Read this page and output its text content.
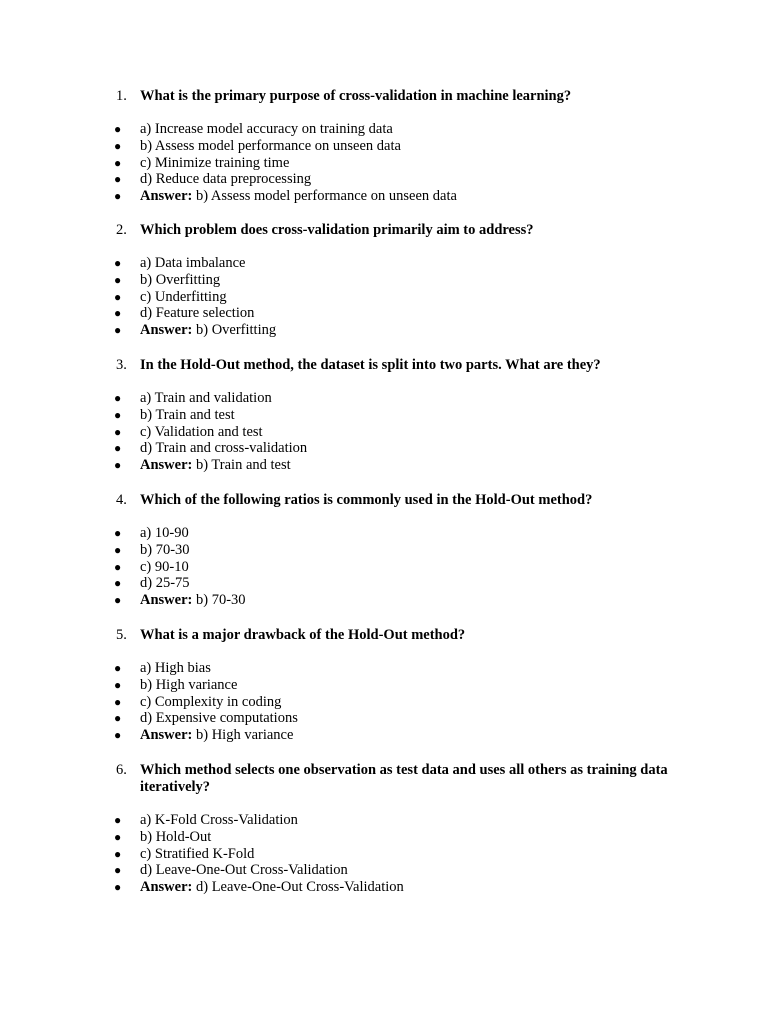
1. What is the primary purpose of cross-validation in machine learning?
● a) Increase model accuracy on training data
● b) Assess model performance on unseen data
● c) Minimize training time
● d) Reduce data preprocessing
● Answer: b) Assess model performance on unseen data
2. Which problem does cross-validation primarily aim to address?
● a) Data imbalance
● b) Overfitting
● c) Underfitting
● d) Feature selection
● Answer: b) Overfitting
3. In the Hold-Out method, the dataset is split into two parts. What are they?
● a) Train and validation
● b) Train and test
● c) Validation and test
● d) Train and cross-validation
● Answer: b) Train and test
4. Which of the following ratios is commonly used in the Hold-Out method?
● a) 10-90
● b) 70-30
● c) 90-10
● d) 25-75
● Answer: b) 70-30
5. What is a major drawback of the Hold-Out method?
● a) High bias
● b) High variance
● c) Complexity in coding
● d) Expensive computations
● Answer: b) High variance
6. Which method selects one observation as test data and uses all others as training data iteratively?
● a) K-Fold Cross-Validation
● b) Hold-Out
● c) Stratified K-Fold
● d) Leave-One-Out Cross-Validation
● Answer: d) Leave-One-Out Cross-Validation
